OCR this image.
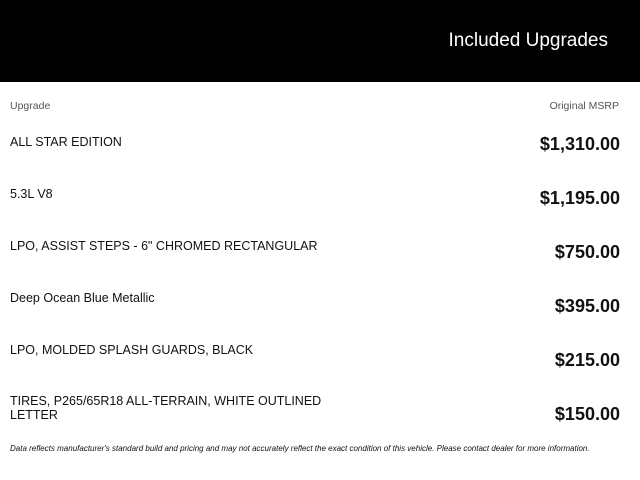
Included Upgrades
Upgrade	Original MSRP
ALL STAR EDITION	$1,310.00
5.3L V8	$1,195.00
LPO, ASSIST STEPS - 6" CHROMED RECTANGULAR	$750.00
Deep Ocean Blue Metallic	$395.00
LPO, MOLDED SPLASH GUARDS, BLACK	$215.00
TIRES, P265/65R18 ALL-TERRAIN, WHITE OUTLINED LETTER	$150.00
Data reflects manufacturer's standard build and pricing and may not accurately reflect the exact condition of this vehicle. Please contact dealer for more information.
